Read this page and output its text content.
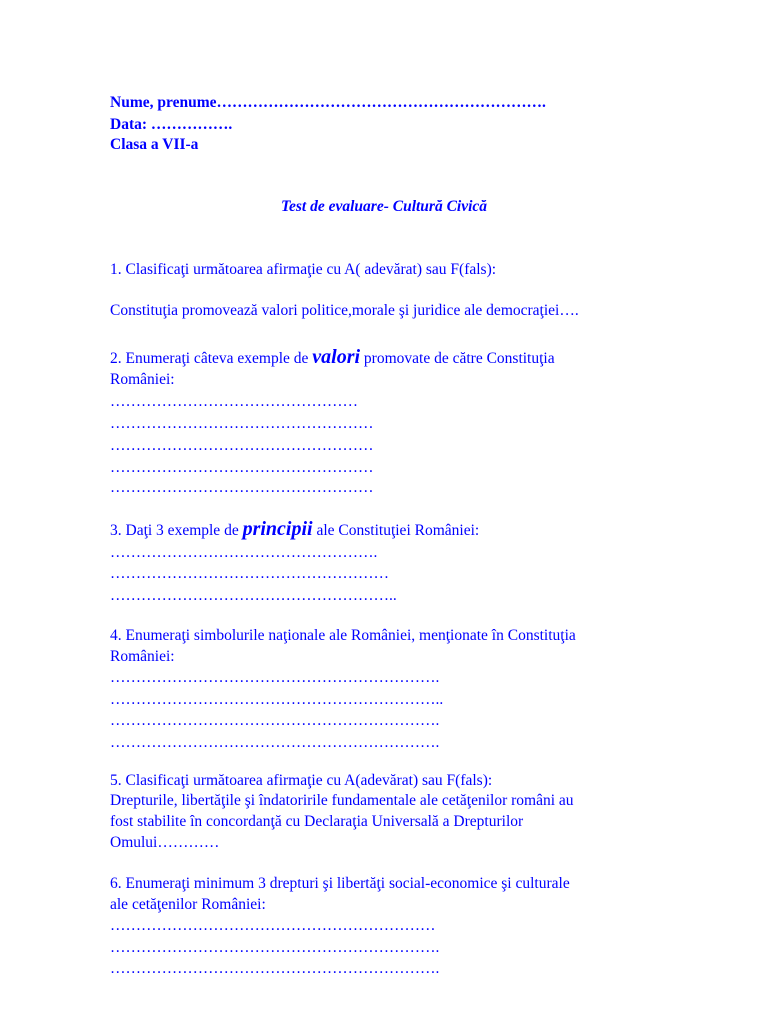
Nume, prenume……………………………………………………….

Data: …………….

Clasa a VII-a

Test de evaluare- Cultură Civică

1. Clasificaţi următoarea afirmaţie cu A( adevărat) sau F(fals):

Constituţia promovează valori politice,morale şi juridice ale democraţiei….

2. Enumeraţi câteva exemple de valori promovate de către Constituţia

României:

…………………………………………

……………………………………………

……………………………………………

……………………………………………

……………………………………………

3. Daţi 3 exemple de principii ale Constituţiei României:

…………………………………………….

………………………………………………

………………………………………………..

4. Enumeraţi simbolurile naţionale ale României, menţionate în Constituţia

României:

……………………………………………………….

………………………………………………………..

……………………………………………………….

……………………………………………………….

5. Clasificaţi următoarea afirmaţie cu A(adevărat) sau F(fals):

Drepturile, libertăţile şi îndatoririle fundamentale ale cetăţenilor români au

fost stabilite în concordanţă cu Declaraţia Universală a Drepturilor

Omului…………

6. Enumeraţi minimum 3 drepturi şi libertăţi social-economice şi culturale

ale cetăţenilor României:

………………………………………………………

……………………………………………………….

……………………………………………………….
